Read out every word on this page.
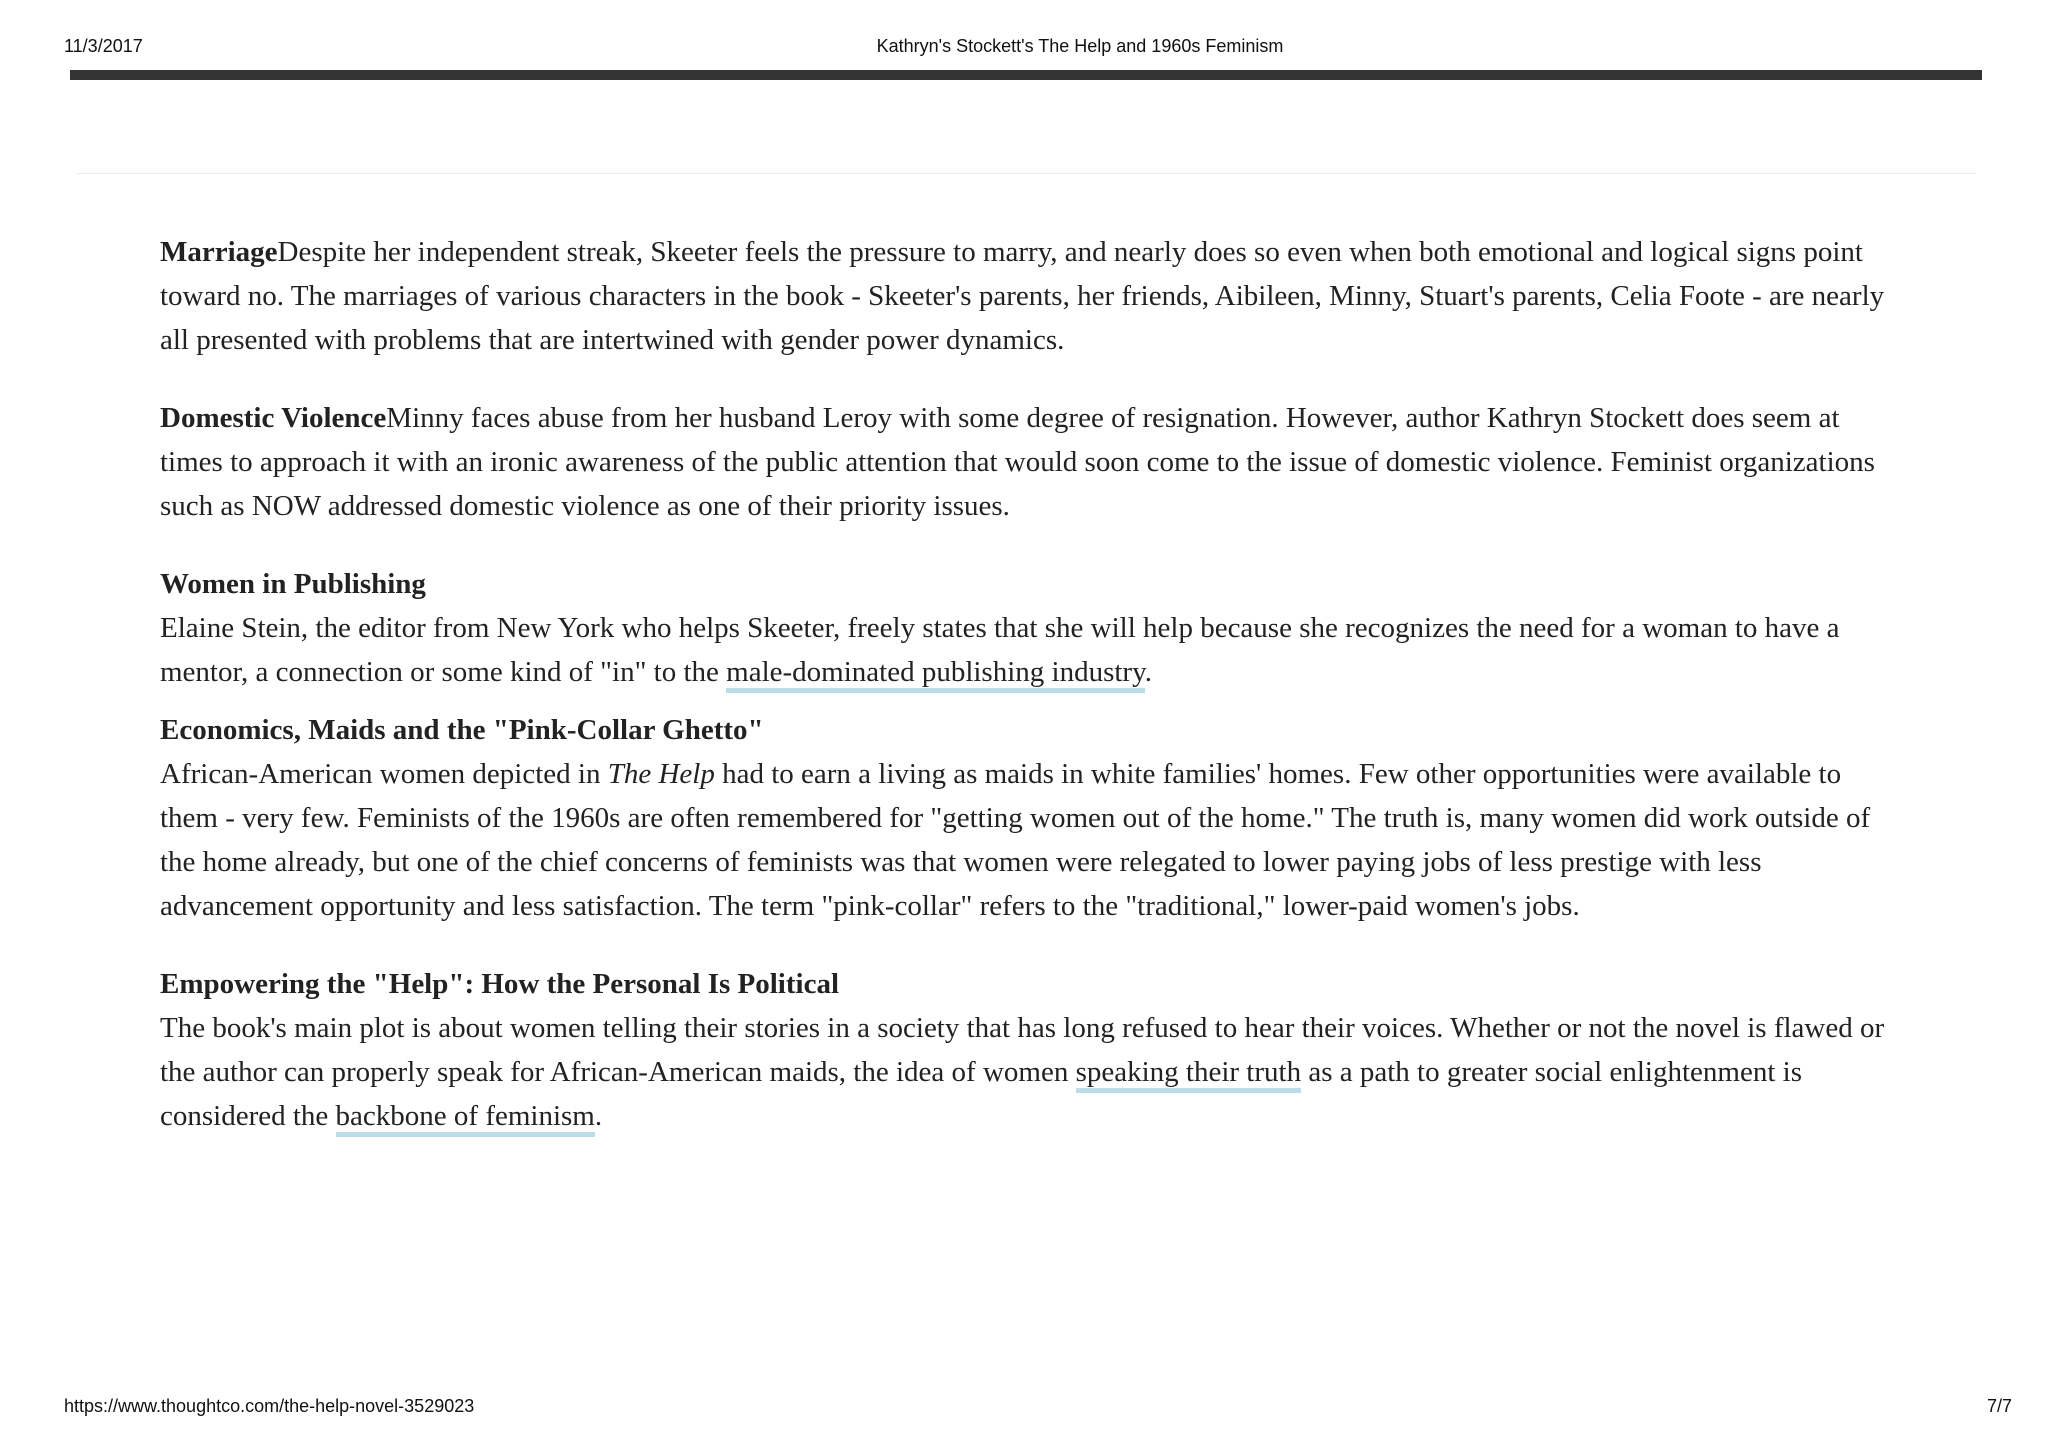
11/3/2017	Kathryn's Stockett's The Help and 1960s Feminism

MarriageDespite her independent streak, Skeeter feels the pressure to marry, and nearly does so even when both emotional and logical signs point toward no. The marriages of various characters in the book - Skeeter's parents, her friends, Aibileen, Minny, Stuart's parents, Celia Foote - are nearly all presented with problems that are intertwined with gender power dynamics.

Domestic ViolenceMinny faces abuse from her husband Leroy with some degree of resignation. However, author Kathryn Stockett does seem at times to approach it with an ironic awareness of the public attention that would soon come to the issue of domestic violence. Feminist organizations such as NOW addressed domestic violence as one of their priority issues.

Women in Publishing

Elaine Stein, the editor from New York who helps Skeeter, freely states that she will help because she recognizes the need for a woman to have a mentor, a connection or some kind of "in" to the male-dominated publishing industry.

Economics, Maids and the "Pink-Collar Ghetto"

African-American women depicted in The Help had to earn a living as maids in white families' homes. Few other opportunities were available to them - very few. Feminists of the 1960s are often remembered for "getting women out of the home." The truth is, many women did work outside of the home already, but one of the chief concerns of feminists was that women were relegated to lower paying jobs of less prestige with less advancement opportunity and less satisfaction. The term "pink-collar" refers to the "traditional," lower-paid women's jobs.

Empowering the "Help": How the Personal Is Political

The book's main plot is about women telling their stories in a society that has long refused to hear their voices. Whether or not the novel is flawed or the author can properly speak for African-American maids, the idea of women speaking their truth as a path to greater social enlightenment is considered the backbone of feminism.

https://www.thoughtco.com/the-help-novel-3529023	7/7
